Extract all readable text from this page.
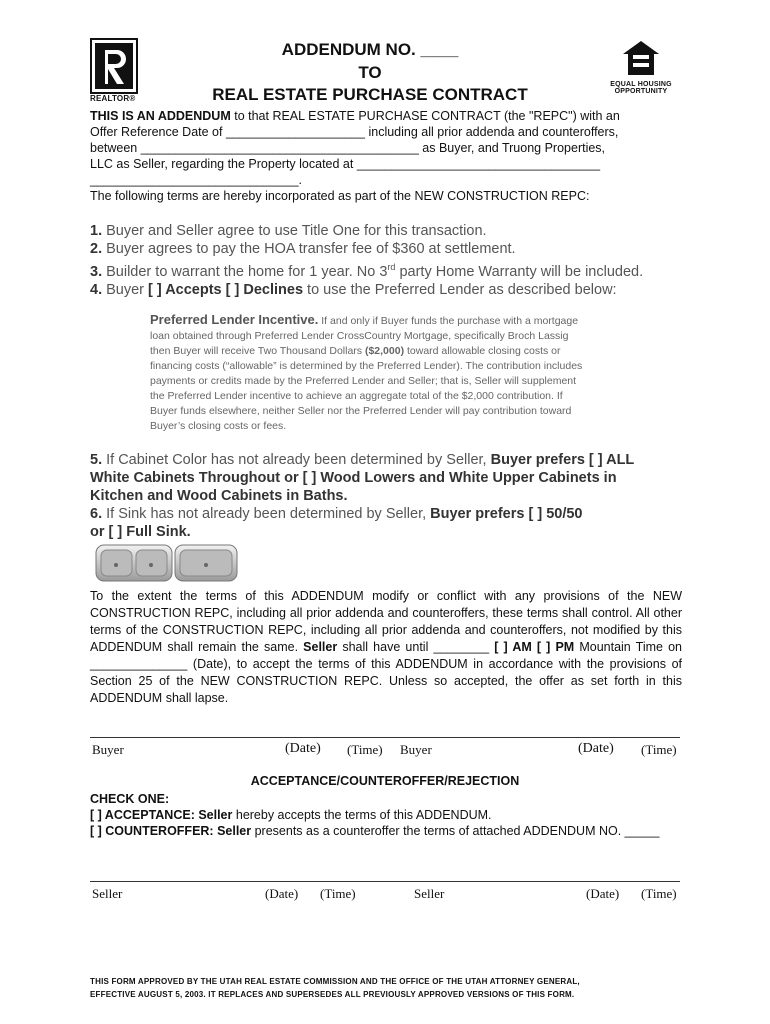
REALTOR®
EQUAL HOUSING
OPPORTUNITY
ADDENDUM NO. ____
TO
REAL ESTATE PURCHASE CONTRACT
THIS IS AN ADDENDUM to that REAL ESTATE PURCHASE CONTRACT (the "REPC") with an
Offer Reference Date of ____________________ including all prior addenda and counteroffers,
between ________________________________________ as Buyer, and Truong Properties,
LLC as Seller, regarding the Property located at ___________________________________
______________________________.
The following terms are hereby incorporated as part of the NEW CONSTRUCTION REPC:
1. Buyer and Seller agree to use Title One for this transaction.
2. Buyer agrees to pay the HOA transfer fee of $360 at settlement.
3. Builder to warrant the home for 1 year. No 3rd party Home Warranty will be included.
4. Buyer [ ] Accepts [ ] Declines to use the Preferred Lender as described below:
Preferred Lender Incentive. If and only if Buyer funds the purchase with a mortgage
loan obtained through Preferred Lender CrossCountry Mortgage, specifically Broch Lassig
then Buyer will receive Two Thousand Dollars ($2,000) toward allowable closing costs or
financing costs (“allowable” is determined by the Preferred Lender). The contribution includes
payments or credits made by the Preferred Lender and Seller; that is, Seller will supplement
the Preferred Lender incentive to achieve an aggregate total of the $2,000 contribution. If
Buyer funds elsewhere, neither Seller nor the Preferred Lender will pay contribution toward
Buyer’s closing costs or fees.
5. If Cabinet Color has not already been determined by Seller, Buyer prefers [ ] ALL
White Cabinets Throughout or [ ] Wood Lowers and White Upper Cabinets in
Kitchen and Wood Cabinets in Baths.
6. If Sink has not already been determined by Seller, Buyer prefers [ ] 50/50
or [ ] Full Sink.
To the extent the terms of this ADDENDUM modify or conflict with any provisions of the NEW CONSTRUCTION REPC, including all prior addenda and counteroffers, these terms shall control. All other terms of the CONSTRUCTION REPC, including all prior addenda and counteroffers, not modified by this ADDENDUM shall remain the same. Seller shall have until ________ [ ] AM [ ] PM Mountain Time on ______________ (Date), to accept the terms of this ADDENDUM in accordance with the provisions of Section 25 of the NEW CONSTRUCTION REPC. Unless so accepted, the offer as set forth in this ADDENDUM shall lapse.
Buyer	(Date) (Time) Buyer	(Date) (Time)
ACCEPTANCE/COUNTEROFFER/REJECTION
CHECK ONE:
[ ] ACCEPTANCE: Seller hereby accepts the terms of this ADDENDUM.
[ ] COUNTEROFFER: Seller presents as a counteroffer the terms of attached ADDENDUM NO. _____
Seller	(Date) (Time)	Seller	(Date) (Time)
THIS FORM APPROVED BY THE UTAH REAL ESTATE COMMISSION AND THE OFFICE OF THE UTAH ATTORNEY GENERAL,
EFFECTIVE AUGUST 5, 2003. IT REPLACES AND SUPERSEDES ALL PREVIOUSLY APPROVED VERSIONS OF THIS FORM.
